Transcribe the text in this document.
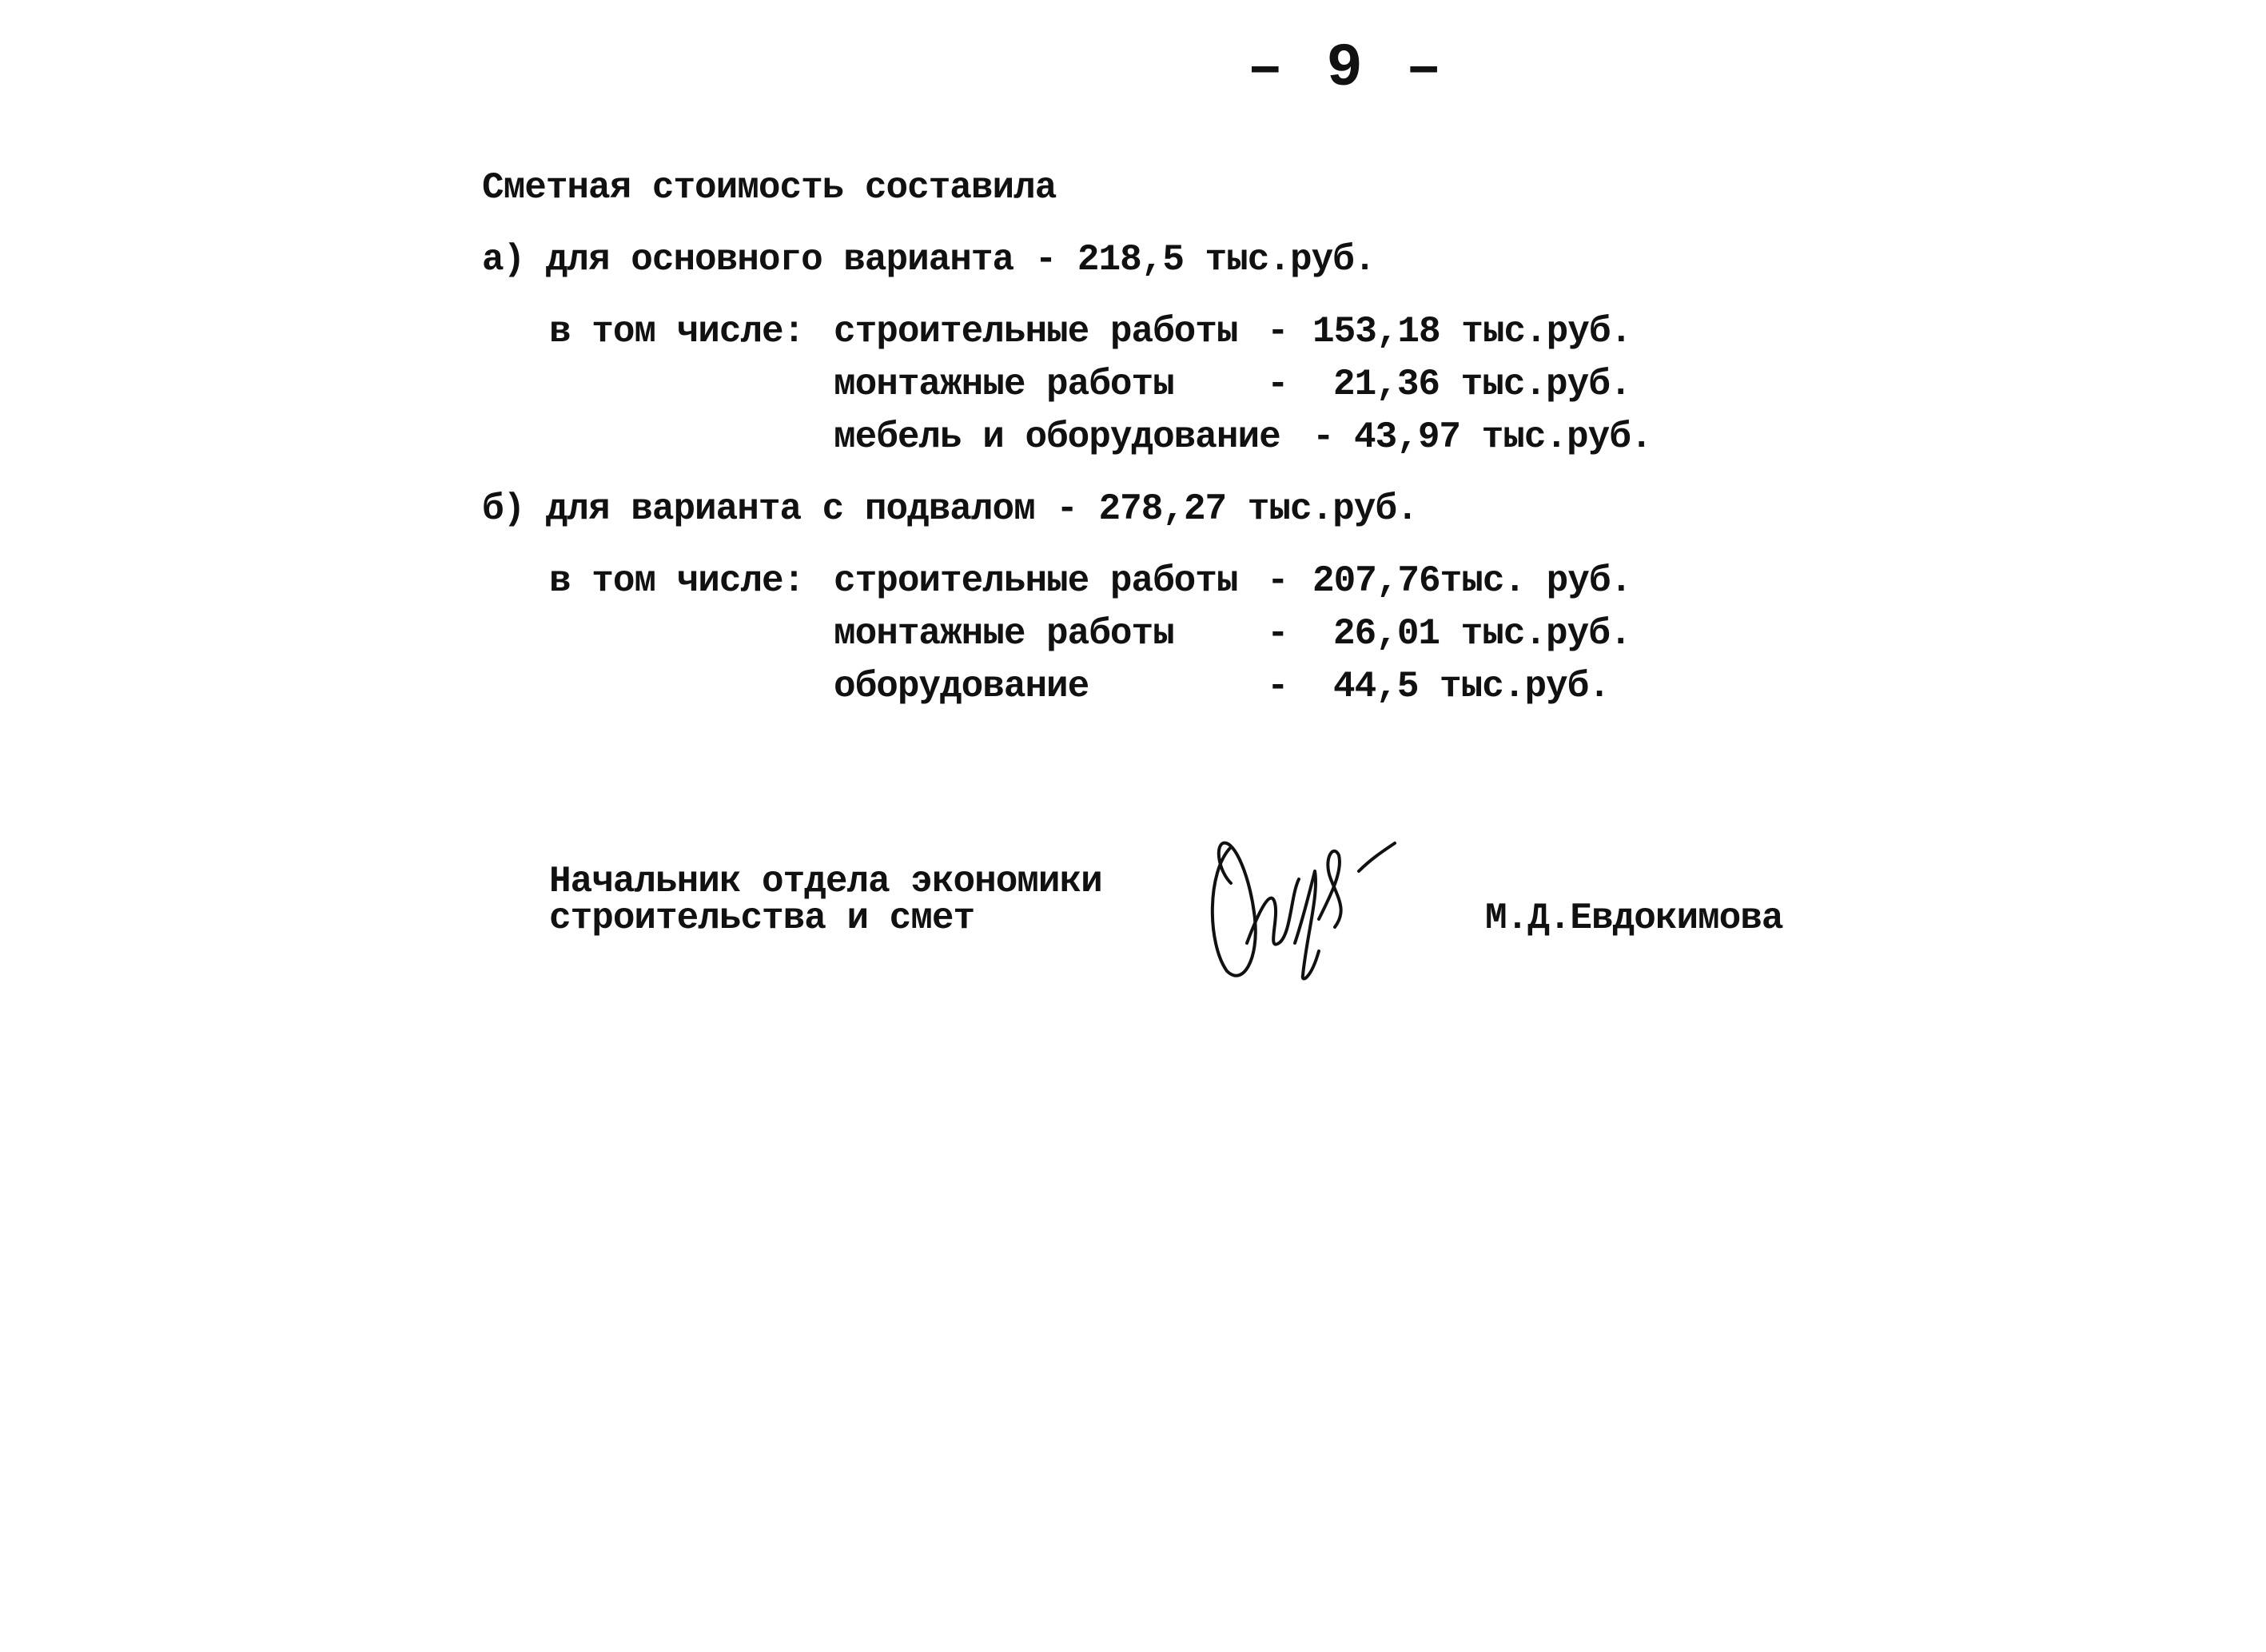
– 9 –
Сметная стоимость составила
а) для основного варианта - 218,5 тыс.руб.
в том числе: строительные работы - 153,18 тыс.руб.
монтажные работы	- 21,36 тыс.руб.
мебель и оборудование - 43,97 тыс.руб.
б) для варианта с подвалом - 278,27 тыс.руб.
в том числе: строительные работы - 207,76тыс. руб.
монтажные работы	- 26,01 тыс.руб.
оборудование	- 44,5 тыс.руб.
Начальник отдела экономики
строительства и смет	М.Д.Евдокимова
